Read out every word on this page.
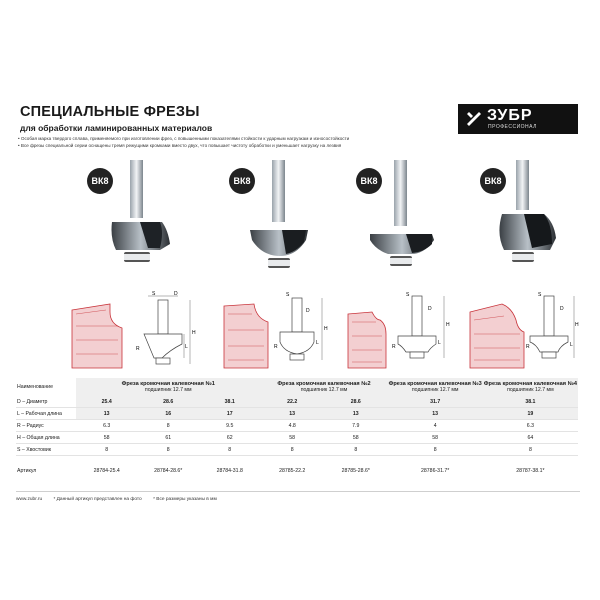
СПЕЦИАЛЬНЫЕ ФРЕЗЫ
для обработки ламинированных материалов
• Особая марка твердого сплава, применяемого при изготовлении фрез, с повышенными показателями стойкости к ударным нагрузкам и износостойкости
• Все фрезы специальной серии оснащены тремя режущими кромками вместо двух, что повышает чистоту обработки и уменьшает нагрузку на лезвия
ЗУБР
ПРОФЕССИОНАЛ
ВК8	ВК8	ВК8	ВК8
S	D
H
L
R
S
D
H
L
R
S
D
H
L
R
S
D
H
L
R
Наименование	Фреза кромочная калевочная №1
подшипник 12.7 мм			Фреза кромочная калевочная №2
подшипник 12.7 мм		Фреза кромочная калевочная №3
подшипник 12.7 мм	Фреза кромочная калевочная №4
подшипник 12.7 мм
D – Диаметр	25.4	28.6	38.1	22.2	28.6	31.7	38.1
L – Рабочая длина	13	16	17	13	13	13	19
R – Радиус	6.3	8	9.5	4.8	7.9	4	6.3
H – Общая длина	58	61	62	58	58	58	64
S – Хвостовик	8	8	8	8	8	8	8
Артикул	28784-25.4	28784-28.6*	28784-31.8	28785-22.2	28785-28.6*	28786-31.7*	28787-38.1*
www.zubr.ru * Данный артикул представлен на фото * Все размеры указаны в мм
